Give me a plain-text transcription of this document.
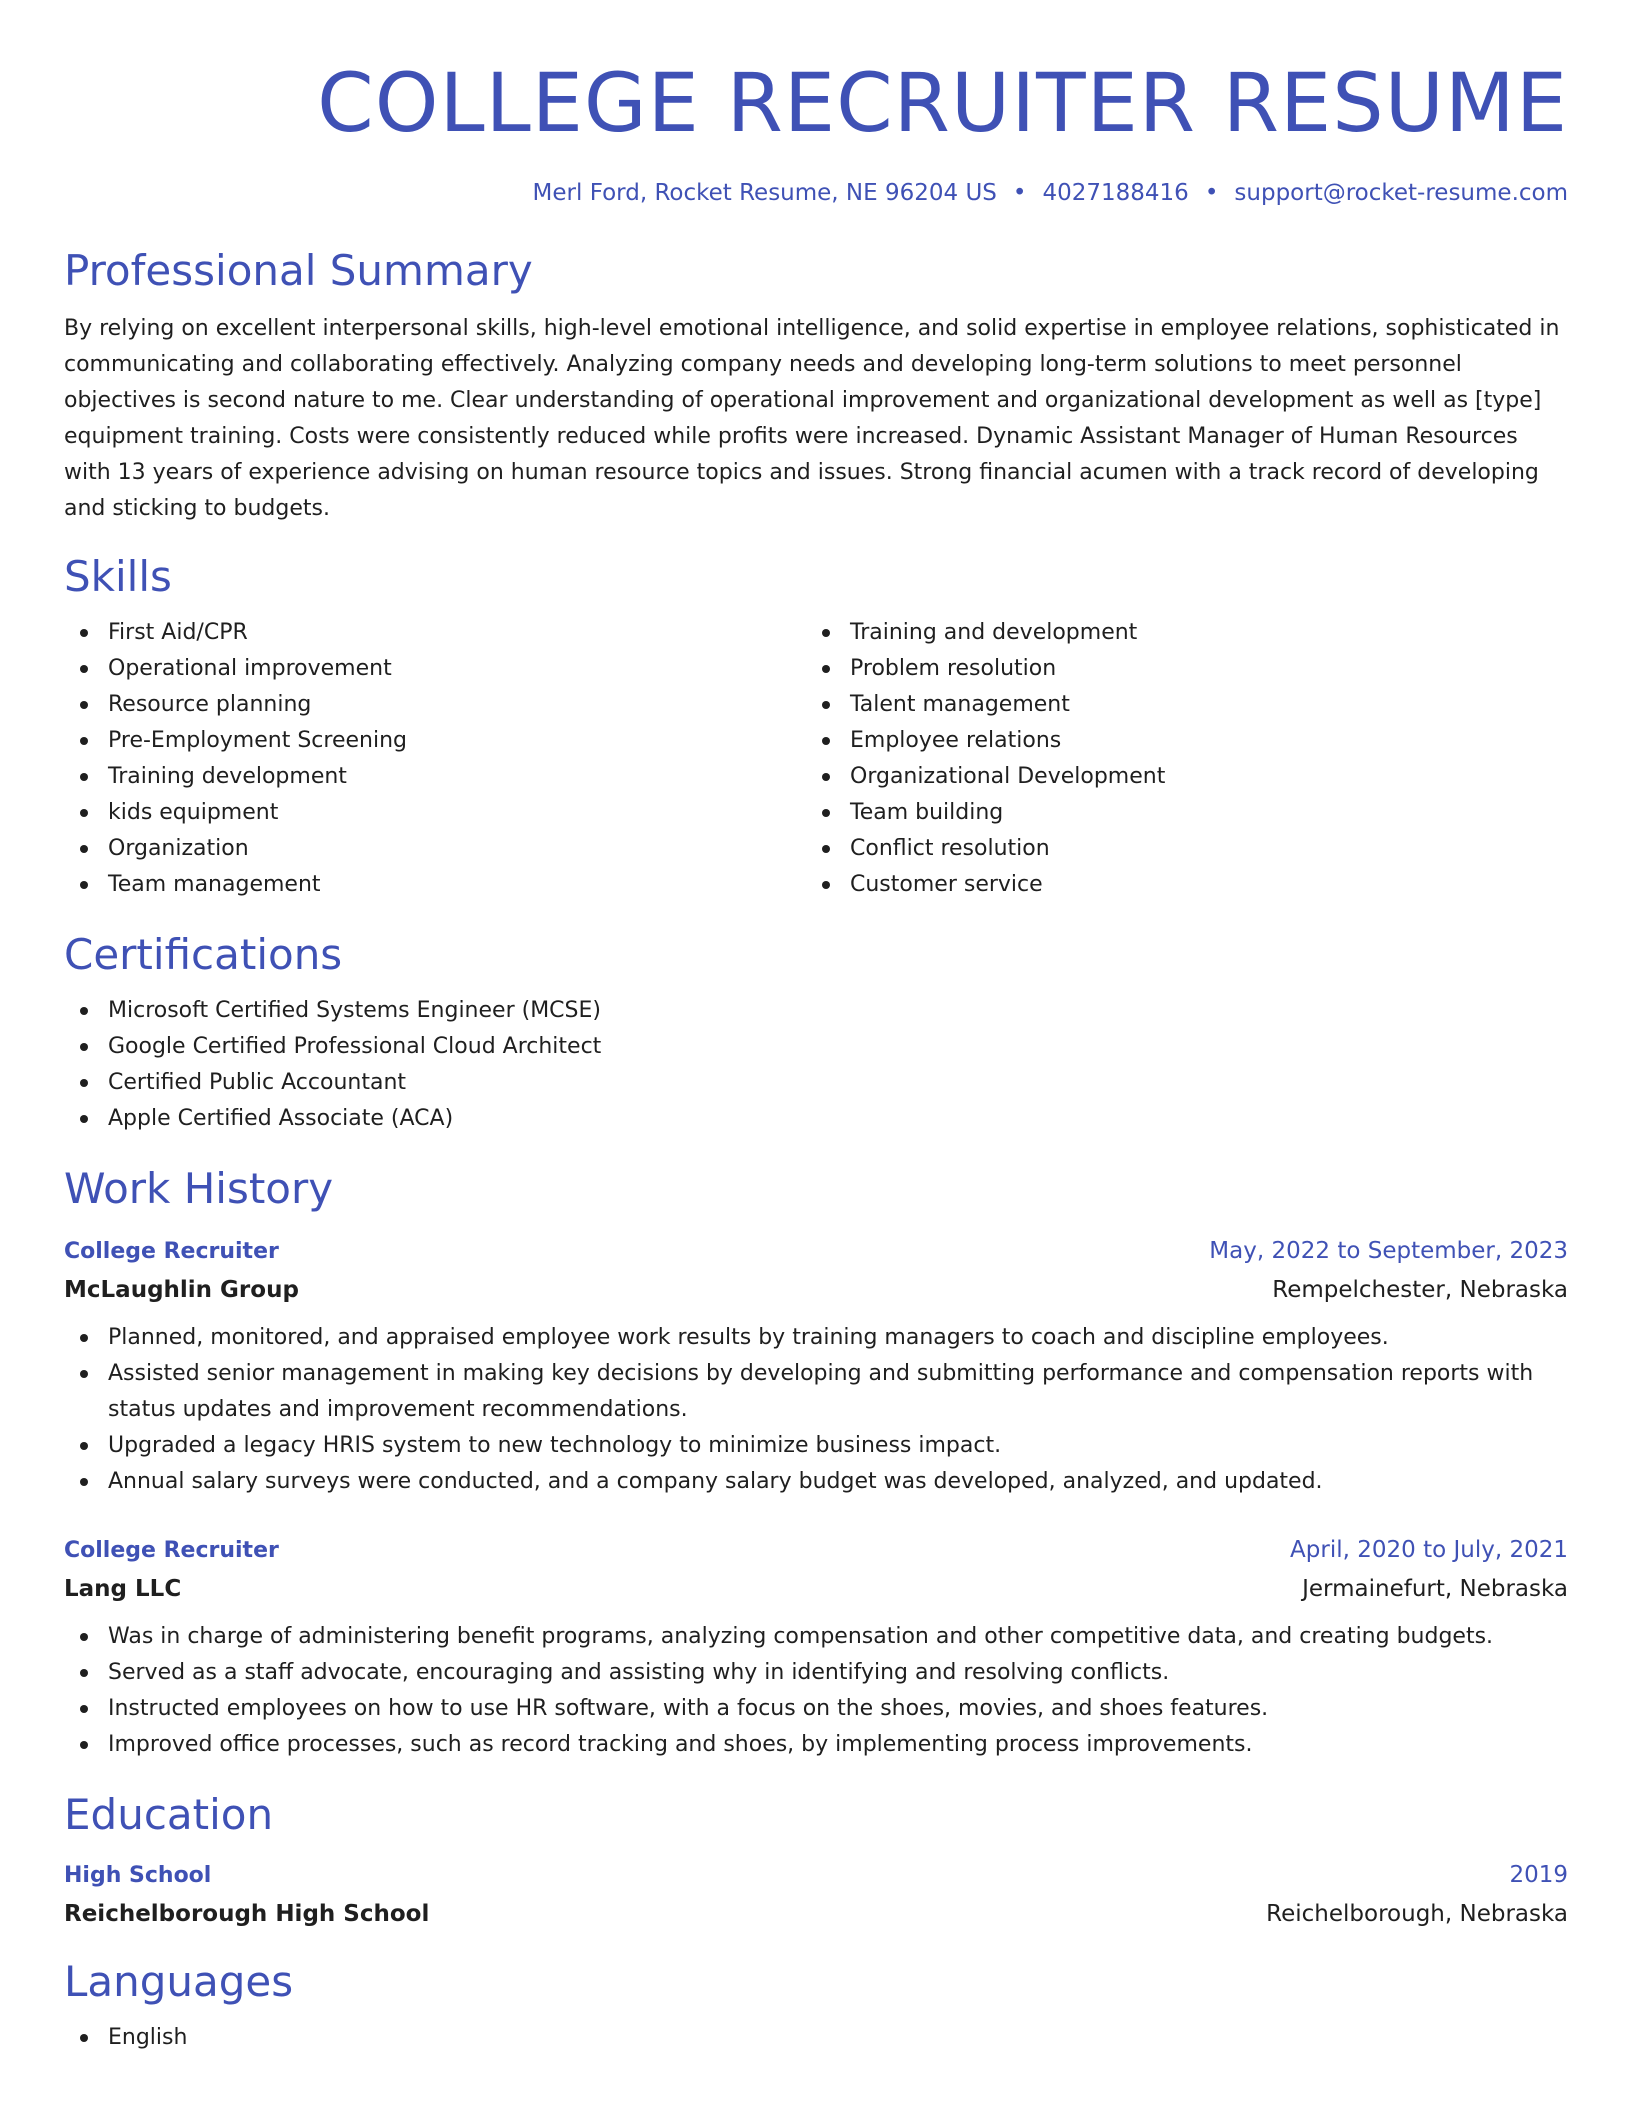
COLLEGE RECRUITER RESUME
Merl Ford, Rocket Resume, NE 96204 US • 4027188416 • support@rocket-resume.com
Professional Summary

By relying on excellent interpersonal skills, high-level emotional intelligence, and solid expertise in employee relations, sophisticated in communicating and collaborating effectively. Analyzing company needs and developing long-term solutions to meet personnel objectives is second nature to me. Clear understanding of operational improvement and organizational development as well as [type] equipment training. Costs were consistently reduced while profits were increased. Dynamic Assistant Manager of Human Resources with 13 years of experience advising on human resource topics and issues. Strong financial acumen with a track record of developing and sticking to budgets.

Skills
First Aid/CPR
Operational improvement
Resource planning
Pre-Employment Screening
Training development
kids equipment
Organization
Team management
Training and development
Problem resolution
Talent management
Employee relations
Organizational Development
Team building
Conflict resolution
Customer service
Certifications
Microsoft Certified Systems Engineer (MCSE)
Google Certified Professional Cloud Architect
Certified Public Accountant
Apple Certified Associate (ACA)
Work History
College Recruiter	May, 2022 to September, 2023
McLaughlin Group	Rempelchester, Nebraska
Planned, monitored, and appraised employee work results by training managers to coach and discipline employees.
Assisted senior management in making key decisions by developing and submitting performance and compensation reports with status updates and improvement recommendations.
Upgraded a legacy HRIS system to new technology to minimize business impact.
Annual salary surveys were conducted, and a company salary budget was developed, analyzed, and updated.
College Recruiter	April, 2020 to July, 2021
Lang LLC	Jermainefurt, Nebraska
Was in charge of administering benefit programs, analyzing compensation and other competitive data, and creating budgets.
Served as a staff advocate, encouraging and assisting why in identifying and resolving conflicts.
Instructed employees on how to use HR software, with a focus on the shoes, movies, and shoes features.
Improved office processes, such as record tracking and shoes, by implementing process improvements.
Education
High School	2019
Reichelborough High School	Reichelborough, Nebraska
Languages
English
